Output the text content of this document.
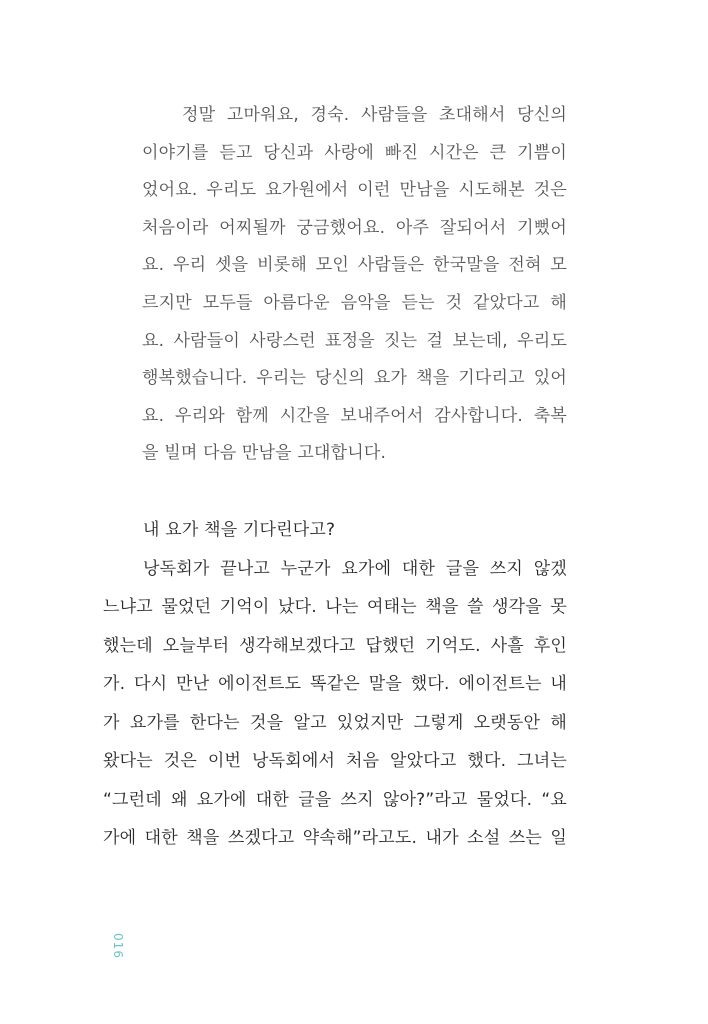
정말 고마워요, 경숙. 사람들을 초대해서 당신의
이야기를 듣고 당신과 사랑에 빠진 시간은 큰 기쁨이
었어요. 우리도 요가원에서 이런 만남을 시도해본 것은
처음이라 어찌될까 궁금했어요. 아주 잘되어서 기뻤어
요. 우리 셋을 비롯해 모인 사람들은 한국말을 전혀 모
르지만 모두들 아름다운 음악을 듣는 것 같았다고 해
요. 사람들이 사랑스런 표정을 짓는 걸 보는데, 우리도
행복했습니다. 우리는 당신의 요가 책을 기다리고 있어
요. 우리와 함께 시간을 보내주어서 감사합니다. 축복
을 빌며 다음 만남을 고대합니다.
내 요가 책을 기다린다고?
낭독회가 끝나고 누군가 요가에 대한 글을 쓰지 않겠
느냐고 물었던 기억이 났다. 나는 여태는 책을 쓸 생각을 못
했는데 오늘부터 생각해보겠다고 답했던 기억도. 사흘 후인
가. 다시 만난 에이전트도 똑같은 말을 했다. 에이전트는 내
가 요가를 한다는 것을 알고 있었지만 그렇게 오랫동안 해
왔다는 것은 이번 낭독회에서 처음 알았다고 했다. 그녀는
“그런데 왜 요가에 대한 글을 쓰지 않아?”라고 물었다. “요
가에 대한 책을 쓰겠다고 약속해”라고도. 내가 소설 쓰는 일
016
